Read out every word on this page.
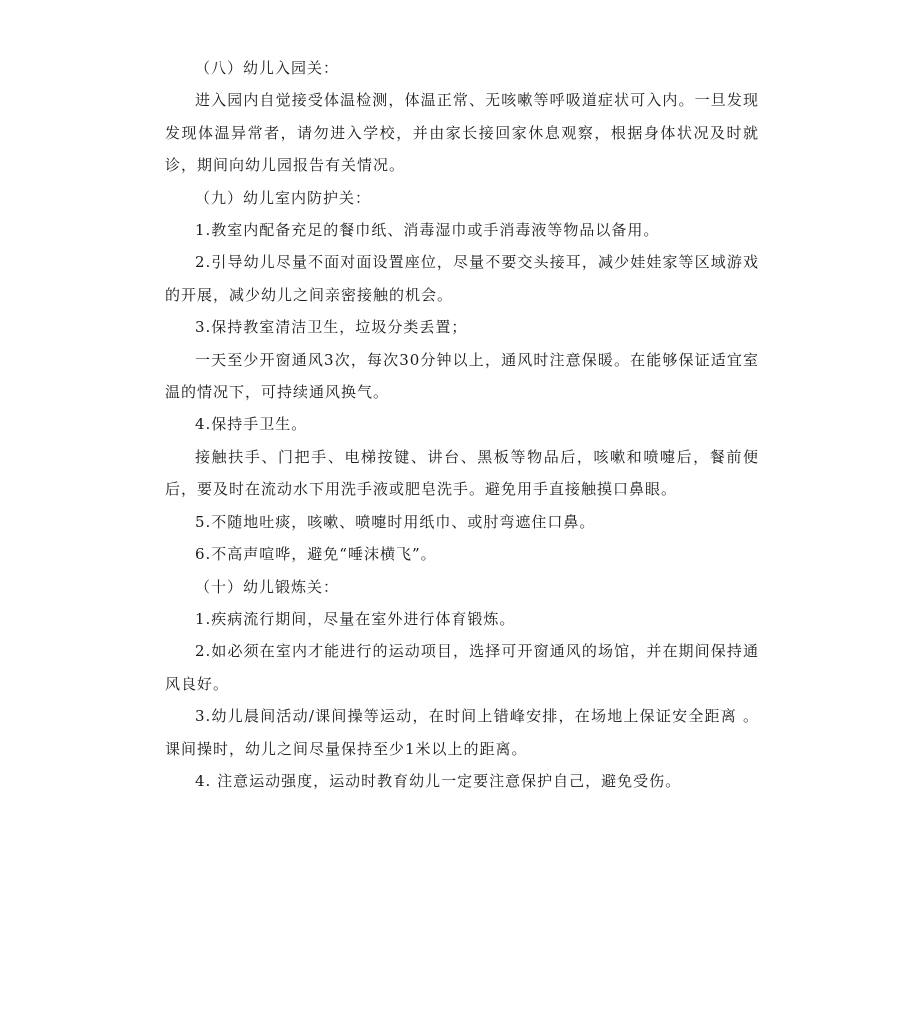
（八）幼儿入园关：

进入园内自觉接受体温检测，体温正常、无咳嗽等呼吸道症状可入内。一旦发现发现体温异常者，请勿进入学校，并由家长接回家休息观察，根据身体状况及时就诊，期间向幼儿园报告有关情况。

（九）幼儿室内防护关：

1.教室内配备充足的餐巾纸、消毒湿巾或手消毒液等物品以备用。

2.引导幼儿尽量不面对面设置座位，尽量不要交头接耳，减少娃娃家等区域游戏的开展，减少幼儿之间亲密接触的机会。

3.保持教室清洁卫生，垃圾分类丢置；

一天至少开窗通风3次，每次30分钟以上，通风时注意保暖。在能够保证适宜室温的情况下，可持续通风换气。

4.保持手卫生。

接触扶手、门把手、电梯按键、讲台、黑板等物品后，咳嗽和喷嚏后，餐前便后，要及时在流动水下用洗手液或肥皂洗手。避免用手直接触摸口鼻眼。

5.不随地吐痰，咳嗽、喷嚏时用纸巾、或肘弯遮住口鼻。

6.不高声喧哗，避免“唾沫横飞”。

（十）幼儿锻炼关：

1.疾病流行期间，尽量在室外进行体育锻炼。

2.如必须在室内才能进行的运动项目，选择可开窗通风的场馆，并在期间保持通风良好。

3.幼儿晨间活动/课间操等运动，在时间上错峰安排，在场地上保证安全距离 。课间操时，幼儿之间尽量保持至少1米以上的距离。

4. 注意运动强度，运动时教育幼儿一定要注意保护自己，避免受伤。
